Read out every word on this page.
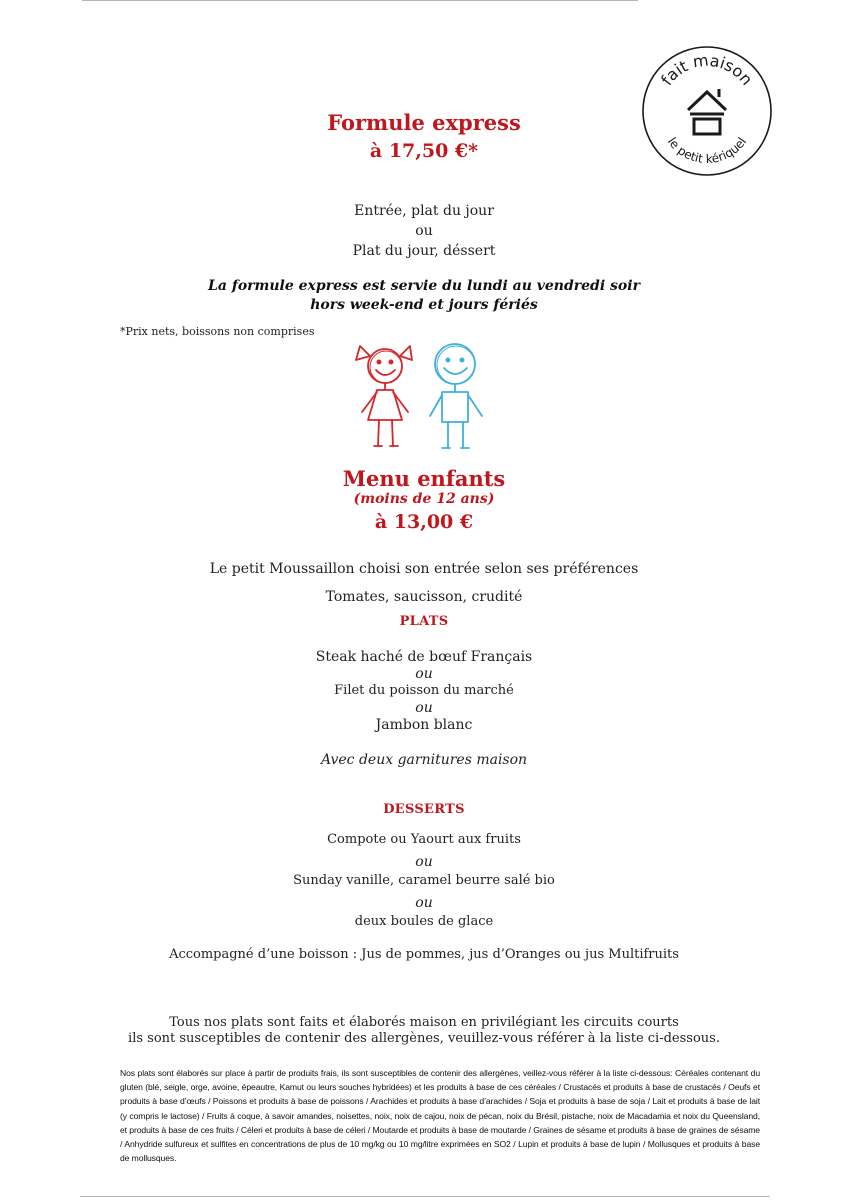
fait maison
le petit kériquel
Formule express
à 17,50 €*
Entrée, plat du jour
ou
Plat du jour, déssert
La formule express est servie du lundi au vendredi soir
hors week-end et jours fériés
*Prix nets, boissons non comprises
Menu enfants
(moins de 12 ans)
à 13,00 €
Le petit Moussaillon choisi son entrée selon ses préférences
Tomates, saucisson, crudité
PLATS
Steak haché de bœuf Français
ou
Filet du poisson du marché
ou
Jambon blanc
Avec deux garnitures maison
DESSERTS
Compote ou Yaourt aux fruits
ou
Sunday vanille, caramel beurre salé bio
ou
deux boules de glace
Accompagné d’une boisson : Jus de pommes, jus d’Oranges ou jus Multifruits
Tous nos plats sont faits et élaborés maison en privilégiant les circuits courts
ils sont susceptibles de contenir des allergènes, veuillez-vous référer à la liste ci-dessous.
Nos plats sont élaborés sur place à partir de produits frais, ils sont susceptibles de contenir des allergènes, veillez-vous référer à la liste ci-dessous: Céréales contenant du gluten (blé, seigle, orge, avoine, épeautre, Kamut ou leurs souches hybridées) et les produits à base de ces céréales / Crustacés et produits à base de crustacés / Oeufs et produits à base d’œufs / Poissons et produits à base de poissons / Arachides et produits à base d’arachides / Soja et produits à base de soja / Lait et produits à base de lait (y compris le lactose) / Fruits à coque, à savoir amandes, noisettes, noix, noix de cajou, noix de pécan, noix du Brésil, pistache, noix de Macadamia et noix du Queensland, et produits à base de ces fruits / Céleri et produits à base de céleri / Moutarde et produits à base de moutarde / Graines de sésame et produits à base de graines de sésame / Anhydride sulfureux et sulfites en concentrations de plus de 10 mg/kg ou 10 mg/litre exprimées en SO2 / Lupin et produits à base de lupin / Mollusques et produits à base de mollusques.
